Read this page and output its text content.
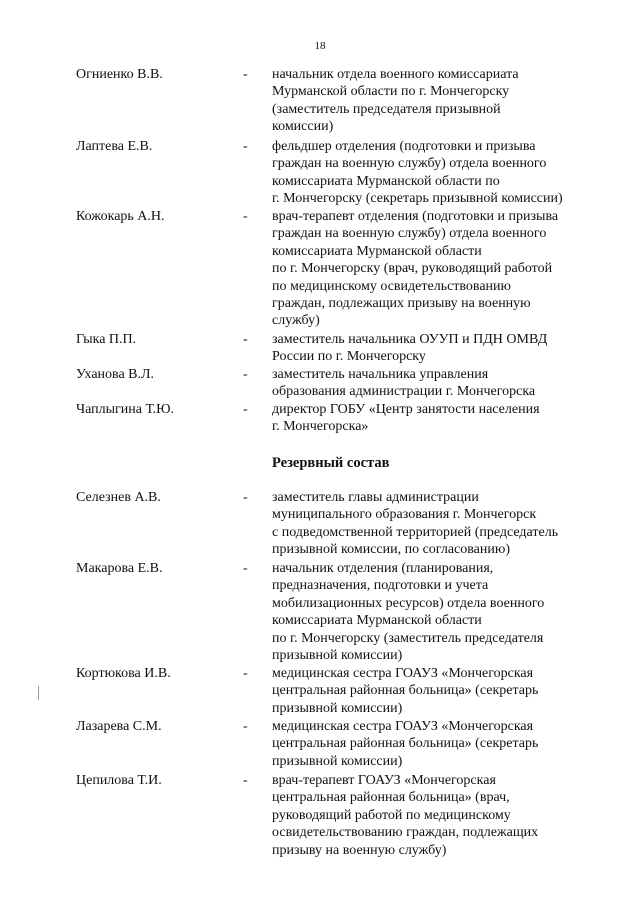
18
Огниенко В.В.	- начальник отдела военного комиссариата
Мурманской области по г. Мончегорску
(заместитель председателя призывной
комиссии)
Лаптева Е.В.	- фельдшер отделения (подготовки и призыва
граждан на военную службу) отдела военного
комиссариата Мурманской области по
г. Мончегорску (секретарь призывной комиссии)
Кожокарь А.Н.	- врач-терапевт отделения (подготовки и призыва
граждан на военную службу) отдела военного
комиссариата Мурманской области
по г. Мончегорску (врач, руководящий работой
по медицинскому освидетельствованию
граждан, подлежащих призыву на военную
службу)
Гыка П.П.	- заместитель начальника ОУУП и ПДН ОМВД
России по г. Мончегорску
Уханова В.Л.	- заместитель начальника управления
образования администрации г. Мончегорска
Чаплыгина Т.Ю.	- директор ГОБУ «Центр занятости населения
г. Мончегорска»
Резервный состав
Селезнев А.В.	- заместитель главы администрации
муниципального образования г. Мончегорск
с подведомственной территорией (председатель
призывной комиссии, по согласованию)
Макарова Е.В.	- начальник отделения (планирования,
предназначения, подготовки и учета
мобилизационных ресурсов) отдела военного
комиссариата Мурманской области
по г. Мончегорску (заместитель председателя
призывной комиссии)
Кортюкова И.В.	- медицинская сестра ГОАУЗ «Мончегорская
центральная районная больница» (секретарь
призывной комиссии)
Лазарева С.М.	- медицинская сестра ГОАУЗ «Мончегорская
центральная районная больница» (секретарь
призывной комиссии)
Цепилова Т.И.	- врач-терапевт ГОАУЗ «Мончегорская
центральная районная больница» (врач,
руководящий работой по медицинскому
освидетельствованию граждан, подлежащих
призыву на военную службу)
